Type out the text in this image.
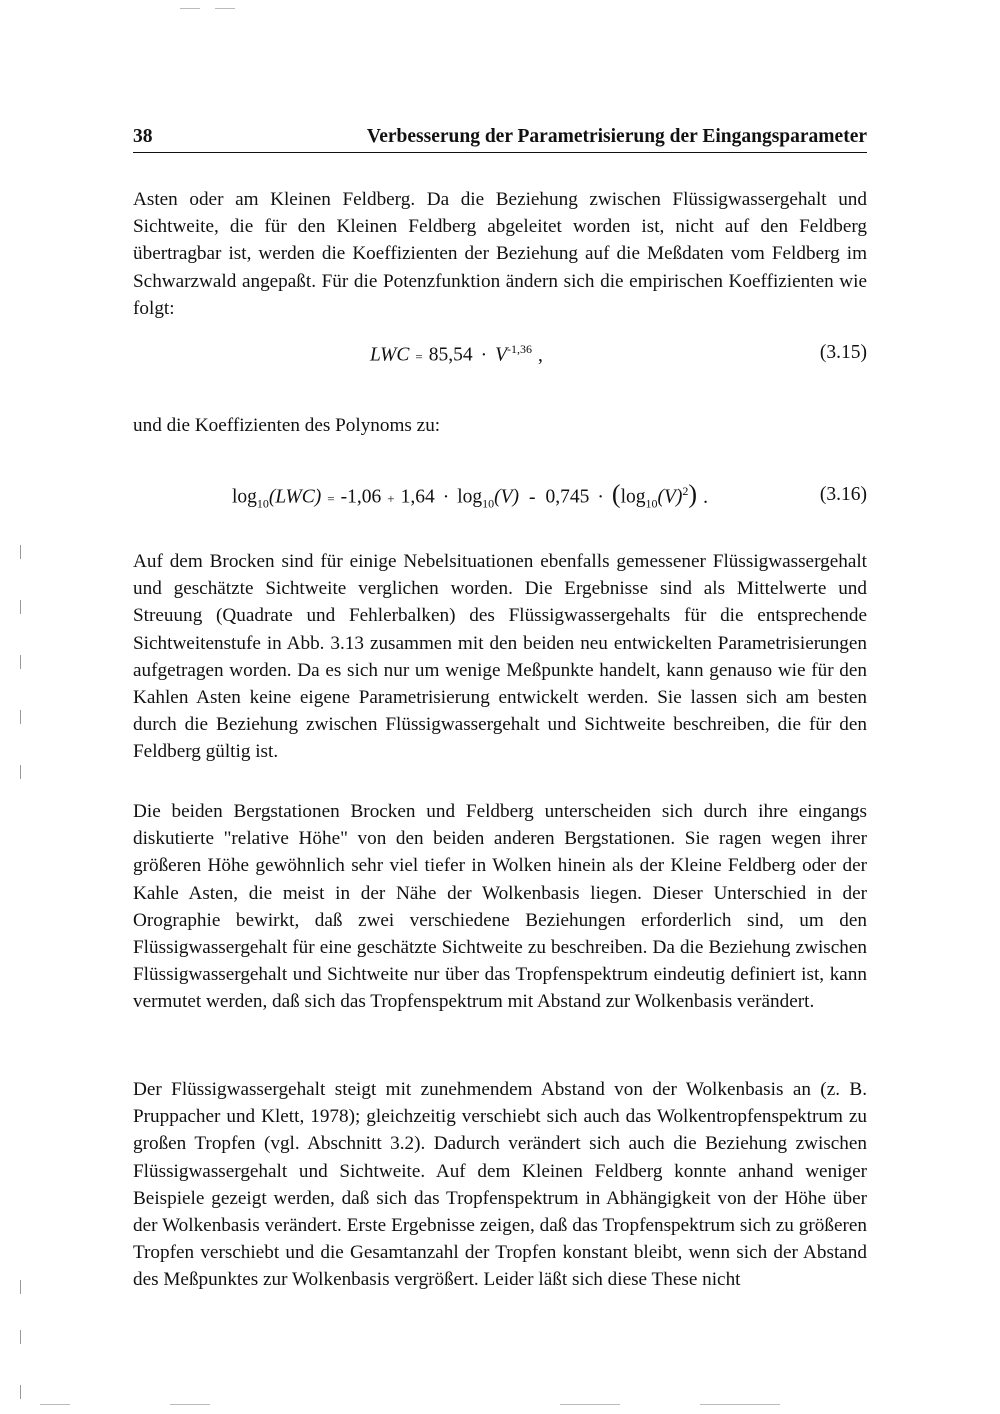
38	Verbesserung der Parametrisierung der Eingangsparameter

Asten oder am Kleinen Feldberg. Da die Beziehung zwischen Flüssigwassergehalt und Sichtweite, die für den Kleinen Feldberg abgeleitet worden ist, nicht auf den Feldberg übertragbar ist, werden die Koeffizienten der Beziehung auf die Meßdaten vom Feldberg im Schwarzwald angepaßt. Für die Potenzfunktion ändern sich die empirischen Koeffizienten wie folgt:

LWC = $85,54 \cdot V^{-1,36}$ ,	(3.15)

und die Koeffizienten des Polynoms zu:

$\log_{10}(LWC) = -1,06 + 1,64 \cdot \log_{10}(V) - 0,745 \cdot (\log_{10}(V)^2)$ .	(3.16)

Auf dem Brocken sind für einige Nebelsituationen ebenfalls gemessener Flüssigwassergehalt und geschätzte Sichtweite verglichen worden. Die Ergebnisse sind als Mittelwerte und Streuung (Quadrate und Fehlerbalken) des Flüssigwassergehalts für die entsprechende Sichtweitenstufe in Abb. 3.13 zusammen mit den beiden neu entwickelten Parametrisierungen aufgetragen worden. Da es sich nur um wenige Meßpunkte handelt, kann genauso wie für den Kahlen Asten keine eigene Parametrisierung entwickelt werden. Sie lassen sich am besten durch die Beziehung zwischen Flüssigwassergehalt und Sichtweite beschreiben, die für den Feldberg gültig ist.

Die beiden Bergstationen Brocken und Feldberg unterscheiden sich durch ihre eingangs diskutierte "relative Höhe" von den beiden anderen Bergstationen. Sie ragen wegen ihrer größeren Höhe gewöhnlich sehr viel tiefer in Wolken hinein als der Kleine Feldberg oder der Kahle Asten, die meist in der Nähe der Wolkenbasis liegen. Dieser Unterschied in der Orographie bewirkt, daß zwei verschiedene Beziehungen erforderlich sind, um den Flüssigwassergehalt für eine geschätzte Sichtweite zu beschreiben. Da die Beziehung zwischen Flüssigwassergehalt und Sichtweite nur über das Tropfenspektrum eindeutig definiert ist, kann vermutet werden, daß sich das Tropfenspektrum mit Abstand zur Wolkenbasis verändert.

Der Flüssigwassergehalt steigt mit zunehmendem Abstand von der Wolkenbasis an (z. B. Pruppacher und Klett, 1978); gleichzeitig verschiebt sich auch das Wolkentropfenspektrum zu großen Tropfen (vgl. Abschnitt 3.2). Dadurch verändert sich auch die Beziehung zwischen Flüssigwassergehalt und Sichtweite. Auf dem Kleinen Feldberg konnte anhand weniger Beispiele gezeigt werden, daß sich das Tropfenspektrum in Abhängigkeit von der Höhe über der Wolkenbasis verändert. Erste Ergebnisse zeigen, daß das Tropfenspektrum sich zu größeren Tropfen verschiebt und die Gesamtanzahl der Tropfen konstant bleibt, wenn sich der Abstand des Meßpunktes zur Wolkenbasis vergrößert. Leider läßt sich diese These nicht
